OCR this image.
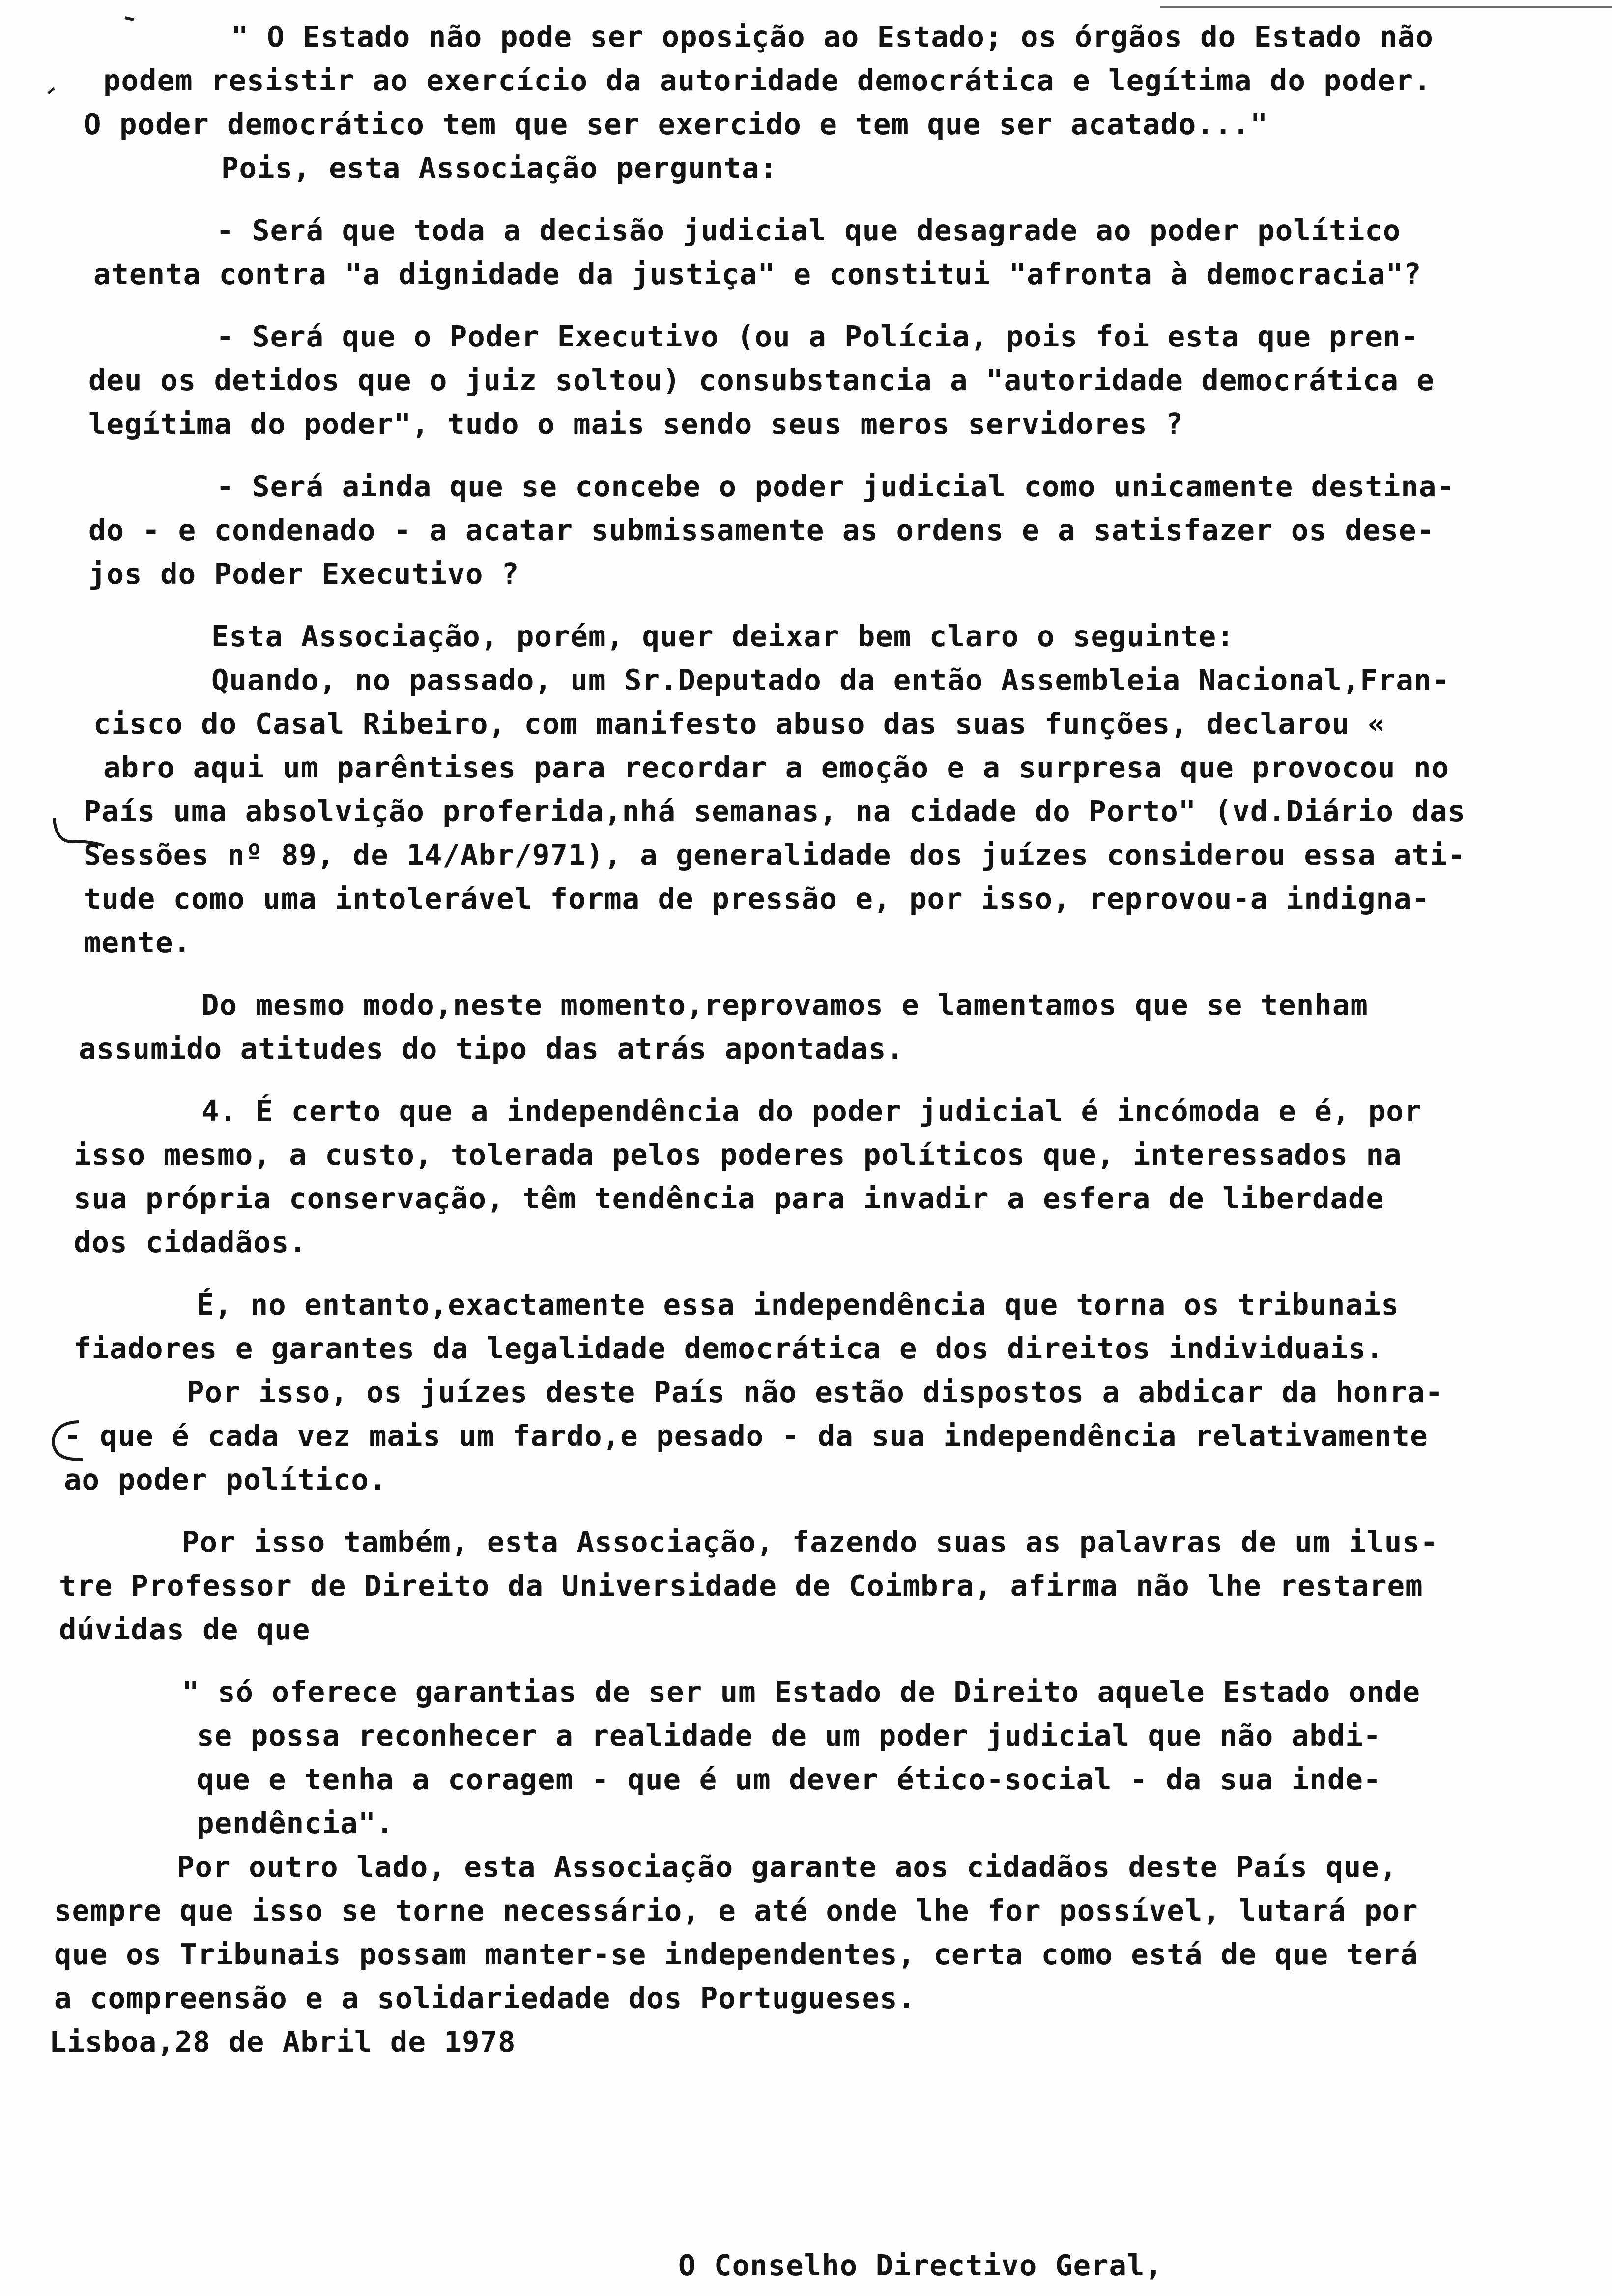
" O Estado não pode ser oposição ao Estado; os órgãos do Estado não
podem resistir ao exercício da autoridade democrática e legítima do poder.
O poder democrático tem que ser exercido e tem que ser acatado..."
Pois, esta Associação pergunta:
- Será que toda a decisão judicial que desagrade ao poder político
atenta contra "a dignidade da justiça" e constitui "afronta à democracia"?
- Será que o Poder Executivo (ou a Polícia, pois foi esta que pren-
deu os detidos que o juiz soltou) consubstancia a "autoridade democrática e
legítima do poder", tudo o mais sendo seus meros servidores ?
- Será ainda que se concebe o poder judicial como unicamente destina-
do - e condenado - a acatar submissamente as ordens e a satisfazer os dese-
jos do Poder Executivo ?
Esta Associação, porém, quer deixar bem claro o seguinte:
Quando, no passado, um Sr.Deputado da então Assembleia Nacional,Fran-
cisco do Casal Ribeiro, com manifesto abuso das suas funções, declarou «
abro aqui um parêntises para recordar a emoção e a surpresa que provocou no
País uma absolvição proferida,nhá semanas, na cidade do Porto" (vd.Diário das
Sessões nº 89, de 14/Abr/971), a generalidade dos juízes considerou essa ati-
tude como uma intolerável forma de pressão e, por isso, reprovou-a indigna-
mente.
Do mesmo modo,neste momento,reprovamos e lamentamos que se tenham
assumido atitudes do tipo das atrás apontadas.
4. É certo que a independência do poder judicial é incómoda e é, por
isso mesmo, a custo, tolerada pelos poderes políticos que, interessados na
sua própria conservação, têm tendência para invadir a esfera de liberdade
dos cidadãos.
É, no entanto,exactamente essa independência que torna os tribunais
fiadores e garantes da legalidade democrática e dos direitos individuais.
Por isso, os juízes deste País não estão dispostos a abdicar da honra-
- que é cada vez mais um fardo,e pesado - da sua independência relativamente
ao poder político.
Por isso também, esta Associação, fazendo suas as palavras de um ilus-
tre Professor de Direito da Universidade de Coimbra, afirma não lhe restarem
dúvidas de que
" só oferece garantias de ser um Estado de Direito aquele Estado onde
se possa reconhecer a realidade de um poder judicial que não abdi-
que e tenha a coragem - que é um dever ético-social - da sua inde-
pendência".
Por outro lado, esta Associação garante aos cidadãos deste País que,
sempre que isso se torne necessário, e até onde lhe for possível, lutará por
que os Tribunais possam manter-se independentes, certa como está de que terá
a compreensão e a solidariedade dos Portugueses.
Lisboa,28 de Abril de 1978
O Conselho Directivo Geral,
